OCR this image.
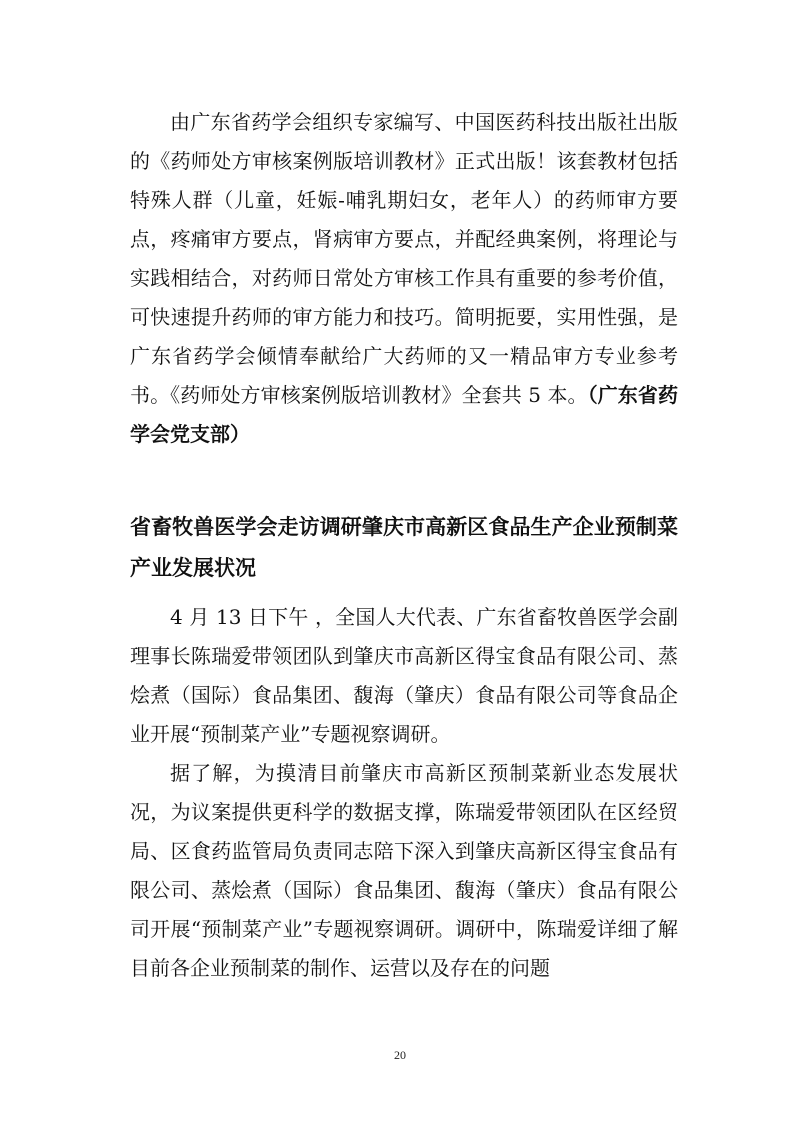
由广东省药学会组织专家编写、中国医药科技出版社出版的《药师处方审核案例版培训教材》正式出版！该套教材包括特殊人群（儿童，妊娠-哺乳期妇女，老年人）的药师审方要点，疼痛审方要点，肾病审方要点，并配经典案例，将理论与实践相结合，对药师日常处方审核工作具有重要的参考价值，可快速提升药师的审方能力和技巧。简明扼要，实用性强，是广东省药学会倾情奉献给广大药师的又一精品审方专业参考书。《药师处方审核案例版培训教材》全套共 5 本。（广东省药学会党支部）

省畜牧兽医学会走访调研肇庆市高新区食品生产企业预制菜产业发展状况

4 月 13 日下午 ，全国人大代表、广东省畜牧兽医学会副理事长陈瑞爱带领团队到肇庆市高新区得宝食品有限公司、蒸烩煮（国际）食品集团、馥海（肇庆）食品有限公司等食品企业开展“预制菜产业”专题视察调研。

据了解，为摸清目前肇庆市高新区预制菜新业态发展状况，为议案提供更科学的数据支撑，陈瑞爱带领团队在区经贸局、区食药监管局负责同志陪下深入到肇庆高新区得宝食品有限公司、蒸烩煮（国际）食品集团、馥海（肇庆）食品有限公司开展“预制菜产业”专题视察调研。调研中，陈瑞爱详细了解目前各企业预制菜的制作、运营以及存在的问题

20
